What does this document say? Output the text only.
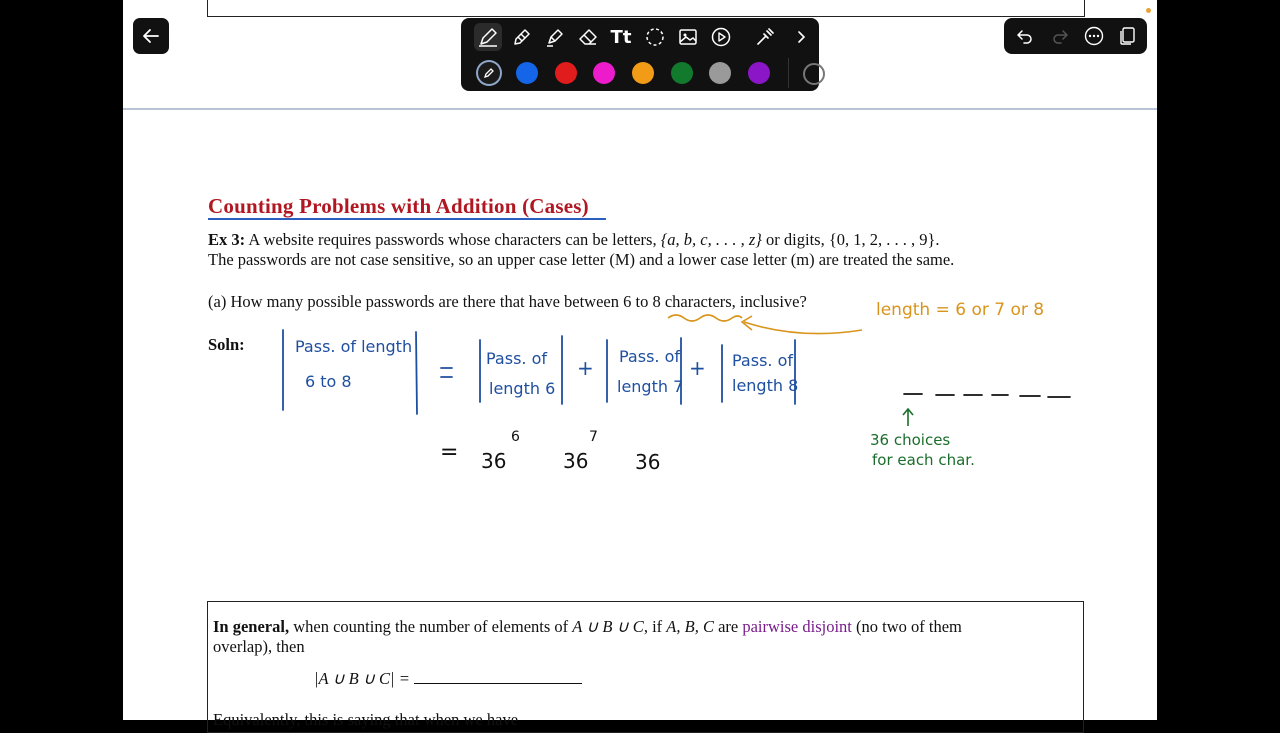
Tt
Counting Problems with Addition (Cases)
Ex 3: A website requires passwords whose characters can be letters, {a, b, c, . . . , z} or digits, {0, 1, 2, . . . , 9}.
The passwords are not case sensitive, so an upper case letter (M) and a lower case letter (m) are treated the same.
(a) How many possible passwords are there that have between 6 to 8 characters, inclusive?
Soln:	Pass. of length
6 to 8
Pass. of
length 6
+ Pass. of
length 7
+ Pass. of
length 8
= 36
6
36
7
36
length = 6 or 7 or 8
36 choices
for each char.
In general, when counting the number of elements of A ∪ B ∪ C, if A, B, C are pairwise disjoint (no two of them
overlap), then
|A ∪ B ∪ C| =
Equivalently, this is saying that when we have
